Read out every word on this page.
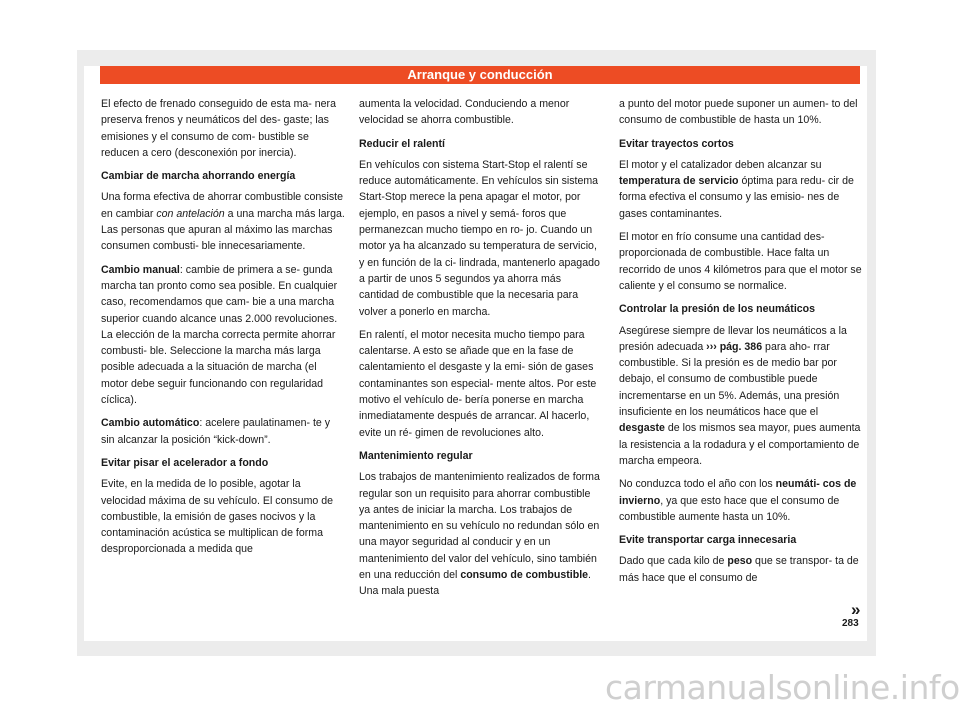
Arranque y conducción

El efecto de frenado conseguido de esta ma- nera preserva frenos y neumáticos del des- gaste; las emisiones y el consumo de com- bustible se reducen a cero (desconexión por inercia).

Cambiar de marcha ahorrando energía

Una forma efectiva de ahorrar combustible consiste en cambiar con antelación a una marcha más larga. Las personas que apuran al máximo las marchas consumen combusti- ble innecesariamente.

Cambio manual: cambie de primera a se- gunda marcha tan pronto como sea posible. En cualquier caso, recomendamos que cam- bie a una marcha superior cuando alcance unas 2.000 revoluciones. La elección de la marcha correcta permite ahorrar combusti- ble. Seleccione la marcha más larga posible adecuada a la situación de marcha (el motor debe seguir funcionando con regularidad cíclica).

Cambio automático: acelere paulatinamen- te y sin alcanzar la posición “kick-down”.

Evitar pisar el acelerador a fondo

Evite, en la medida de lo posible, agotar la velocidad máxima de su vehículo. El consumo de combustible, la emisión de gases nocivos y la contaminación acústica se multiplican de forma desproporcionada a medida que

aumenta la velocidad. Conduciendo a menor velocidad se ahorra combustible.

Reducir el ralentí

En vehículos con sistema Start-Stop el ralentí se reduce automáticamente. En vehículos sin sistema Start-Stop merece la pena apagar el motor, por ejemplo, en pasos a nivel y semá- foros que permanezcan mucho tiempo en ro- jo. Cuando un motor ya ha alcanzado su temperatura de servicio, y en función de la ci- lindrada, mantenerlo apagado a partir de unos 5 segundos ya ahorra más cantidad de combustible que la necesaria para volver a ponerlo en marcha.

En ralentí, el motor necesita mucho tiempo para calentarse. A esto se añade que en la fase de calentamiento el desgaste y la emi- sión de gases contaminantes son especial- mente altos. Por este motivo el vehículo de- bería ponerse en marcha inmediatamente después de arrancar. Al hacerlo, evite un ré- gimen de revoluciones alto.

Mantenimiento regular

Los trabajos de mantenimiento realizados de forma regular son un requisito para ahorrar combustible ya antes de iniciar la marcha. Los trabajos de mantenimiento en su vehículo no redundan sólo en una mayor seguridad al conducir y en un mantenimiento del valor del vehículo, sino también en una reducción del consumo de combustible. Una mala puesta

a punto del motor puede suponer un aumen- to del consumo de combustible de hasta un 10%.

Evitar trayectos cortos

El motor y el catalizador deben alcanzar su temperatura de servicio óptima para redu- cir de forma efectiva el consumo y las emisio- nes de gases contaminantes.

El motor en frío consume una cantidad des- proporcionada de combustible. Hace falta un recorrido de unos 4 kilómetros para que el motor se caliente y el consumo se normalice.

Controlar la presión de los neumáticos

Asegúrese siempre de llevar los neumáticos a la presión adecuada ››› pág. 386 para aho- rrar combustible. Si la presión es de medio bar por debajo, el consumo de combustible puede incrementarse en un 5%. Además, una presión insuficiente en los neumáticos hace que el desgaste de los mismos sea mayor, pues aumenta la resistencia a la rodadura y el comportamiento de marcha empeora.

No conduzca todo el año con los neumáti- cos de invierno, ya que esto hace que el consumo de combustible aumente hasta un 10%.

Evite transportar carga innecesaria

Dado que cada kilo de peso que se transpor- ta de más hace que el consumo de

»
283
carmanualsonline.info
